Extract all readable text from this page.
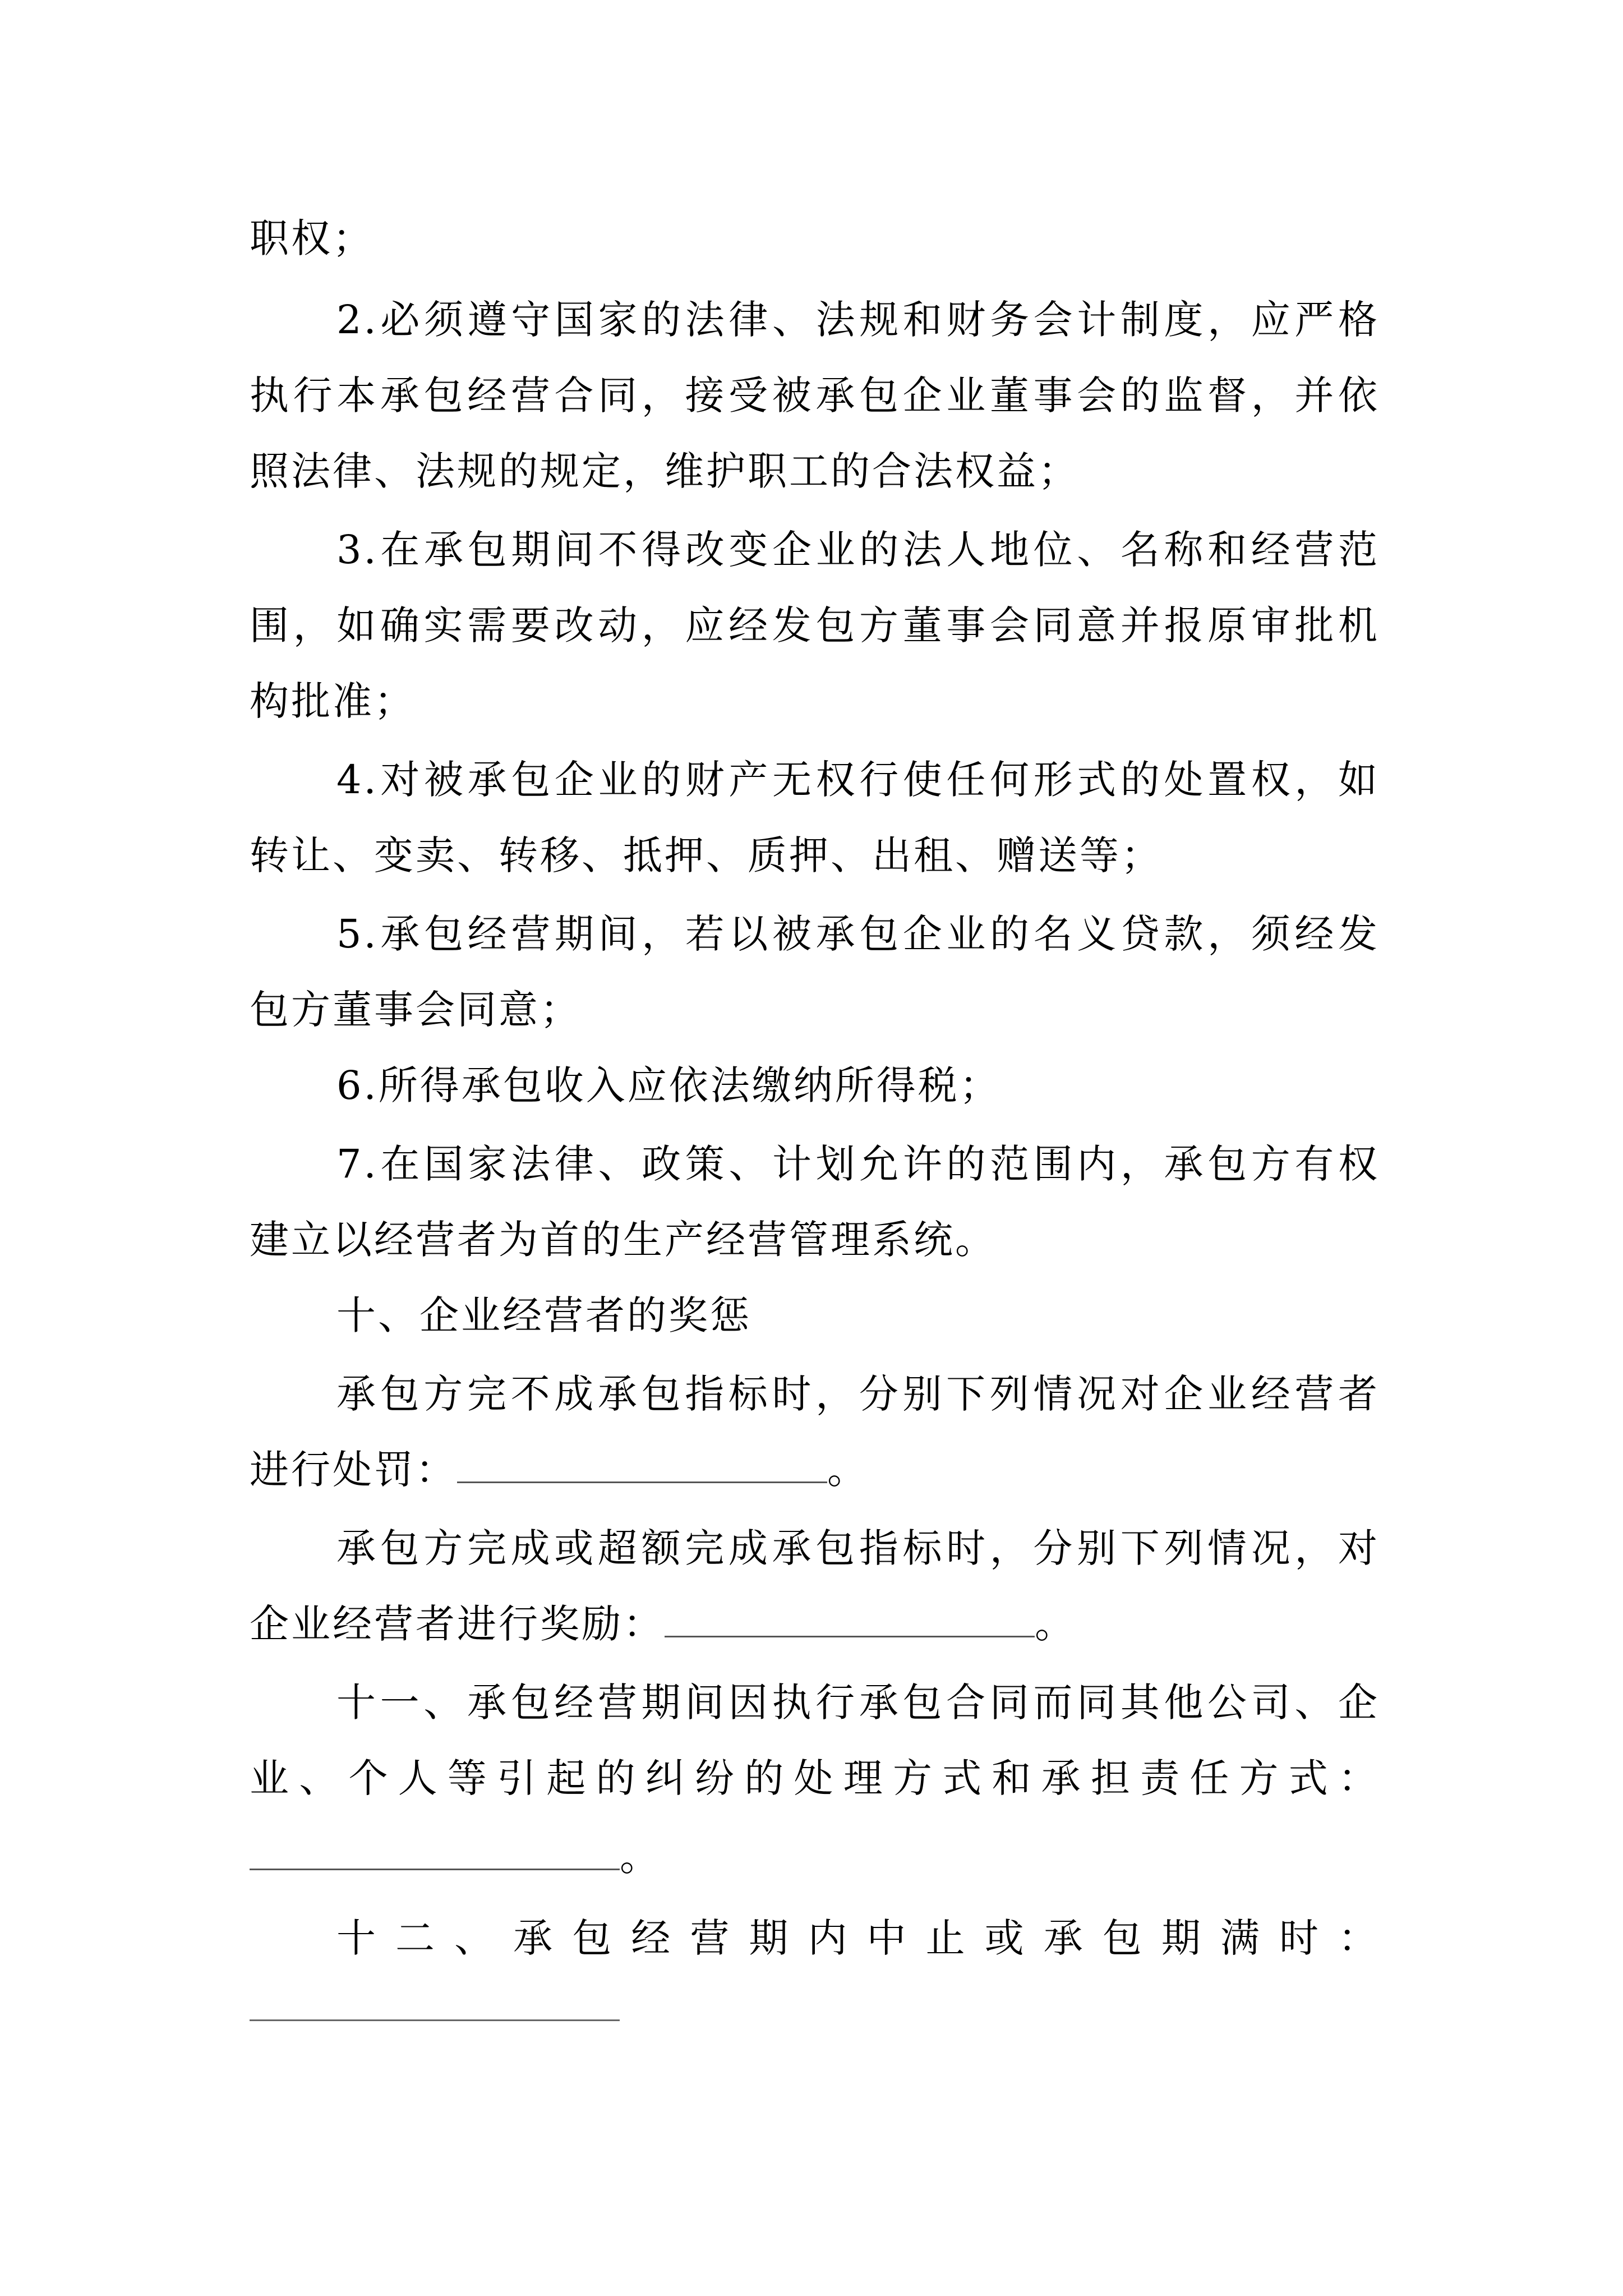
职权；
2.必须遵守国家的法律、法规和财务会计制度，应严格
执行本承包经营合同，接受被承包企业董事会的监督，并依
照法律、法规的规定，维护职工的合法权益；
3.在承包期间不得改变企业的法人地位、名称和经营范
围，如确实需要改动，应经发包方董事会同意并报原审批机
构批准；
4.对被承包企业的财产无权行使任何形式的处置权，如
转让、变卖、转移、抵押、质押、出租、赠送等；
5.承包经营期间，若以被承包企业的名义贷款，须经发
包方董事会同意；
6.所得承包收入应依法缴纳所得税；
7.在国家法律、政策、计划允许的范围内，承包方有权
建立以经营者为首的生产经营管理系统。
十、企业经营者的奖惩
承包方完不成承包指标时，分别下列情况对企业经营者
进行处罚：	。
承包方完成或超额完成承包指标时，分别下列情况，对
企业经营者进行奖励：	。
十一、承包经营期间因执行承包合同而同其他公司、企
业、个人等引起的纠纷的处理方式和承担责任方式：
。
十二、承包经营期内中止或承包期满时：
